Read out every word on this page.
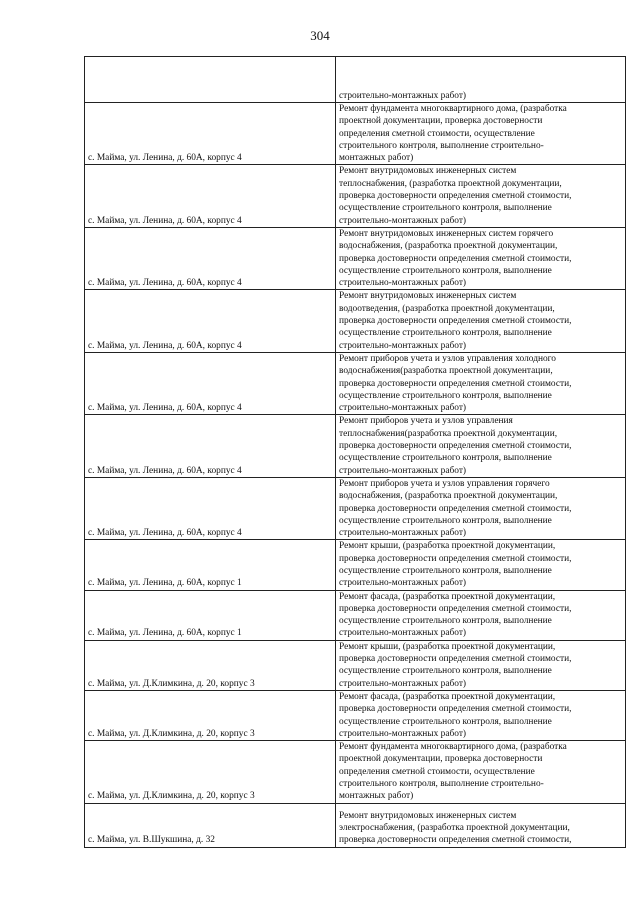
304

	строительно-монтажных работ)

с. Майма, ул. Ленина, д. 60А, корпус 4	Ремонт фундамента многоквартирного дома, (разработка
проектной документации, проверка достоверности
определения сметной стоимости, осуществление
строительного контроля, выполнение строительно-
монтажных работ)

с. Майма, ул. Ленина, д. 60А, корпус 4	Ремонт внутридомовых инженерных систем
теплоснабжения, (разработка проектной документации,
проверка достоверности определения сметной стоимости,
осуществление строительного контроля, выполнение
строительно-монтажных работ)

с. Майма, ул. Ленина, д. 60А, корпус 4	Ремонт внутридомовых инженерных систем горячего
водоснабжения, (разработка проектной документации,
проверка достоверности определения сметной стоимости,
осуществление строительного контроля, выполнение
строительно-монтажных работ)

с. Майма, ул. Ленина, д. 60А, корпус 4	Ремонт внутридомовых инженерных систем
водоотведения, (разработка проектной документации,
проверка достоверности определения сметной стоимости,
осуществление строительного контроля, выполнение
строительно-монтажных работ)

с. Майма, ул. Ленина, д. 60А, корпус 4	Ремонт приборов учета и узлов управления холодного
водоснабжения(разработка проектной документации,
проверка достоверности определения сметной стоимости,
осуществление строительного контроля, выполнение
строительно-монтажных работ)

с. Майма, ул. Ленина, д. 60А, корпус 4	Ремонт приборов учета и узлов управления
теплоснабжения(разработка проектной документации,
проверка достоверности определения сметной стоимости,
осуществление строительного контроля, выполнение
строительно-монтажных работ)

с. Майма, ул. Ленина, д. 60А, корпус 4	Ремонт приборов учета и узлов управления горячего
водоснабжения, (разработка проектной документации,
проверка достоверности определения сметной стоимости,
осуществление строительного контроля, выполнение
строительно-монтажных работ)

с. Майма, ул. Ленина, д. 60А, корпус 1	Ремонт крыши, (разработка проектной документации,
проверка достоверности определения сметной стоимости,
осуществление строительного контроля, выполнение
строительно-монтажных работ)

с. Майма, ул. Ленина, д. 60А, корпус 1	Ремонт фасада, (разработка проектной документации,
проверка достоверности определения сметной стоимости,
осуществление строительного контроля, выполнение
строительно-монтажных работ)

с. Майма, ул. Д.Климкина, д. 20, корпус 3	Ремонт крыши, (разработка проектной документации,
проверка достоверности определения сметной стоимости,
осуществление строительного контроля, выполнение
строительно-монтажных работ)

с. Майма, ул. Д.Климкина, д. 20, корпус 3	Ремонт фасада, (разработка проектной документации,
проверка достоверности определения сметной стоимости,
осуществление строительного контроля, выполнение
строительно-монтажных работ)

с. Майма, ул. Д.Климкина, д. 20, корпус 3	Ремонт фундамента многоквартирного дома, (разработка
проектной документации, проверка достоверности
определения сметной стоимости, осуществление
строительного контроля, выполнение строительно-
монтажных работ)

с. Майма, ул. В.Шукшина, д. 32	Ремонт внутридомовых инженерных систем
электроснабжения, (разработка проектной документации,
проверка достоверности определения сметной стоимости,
